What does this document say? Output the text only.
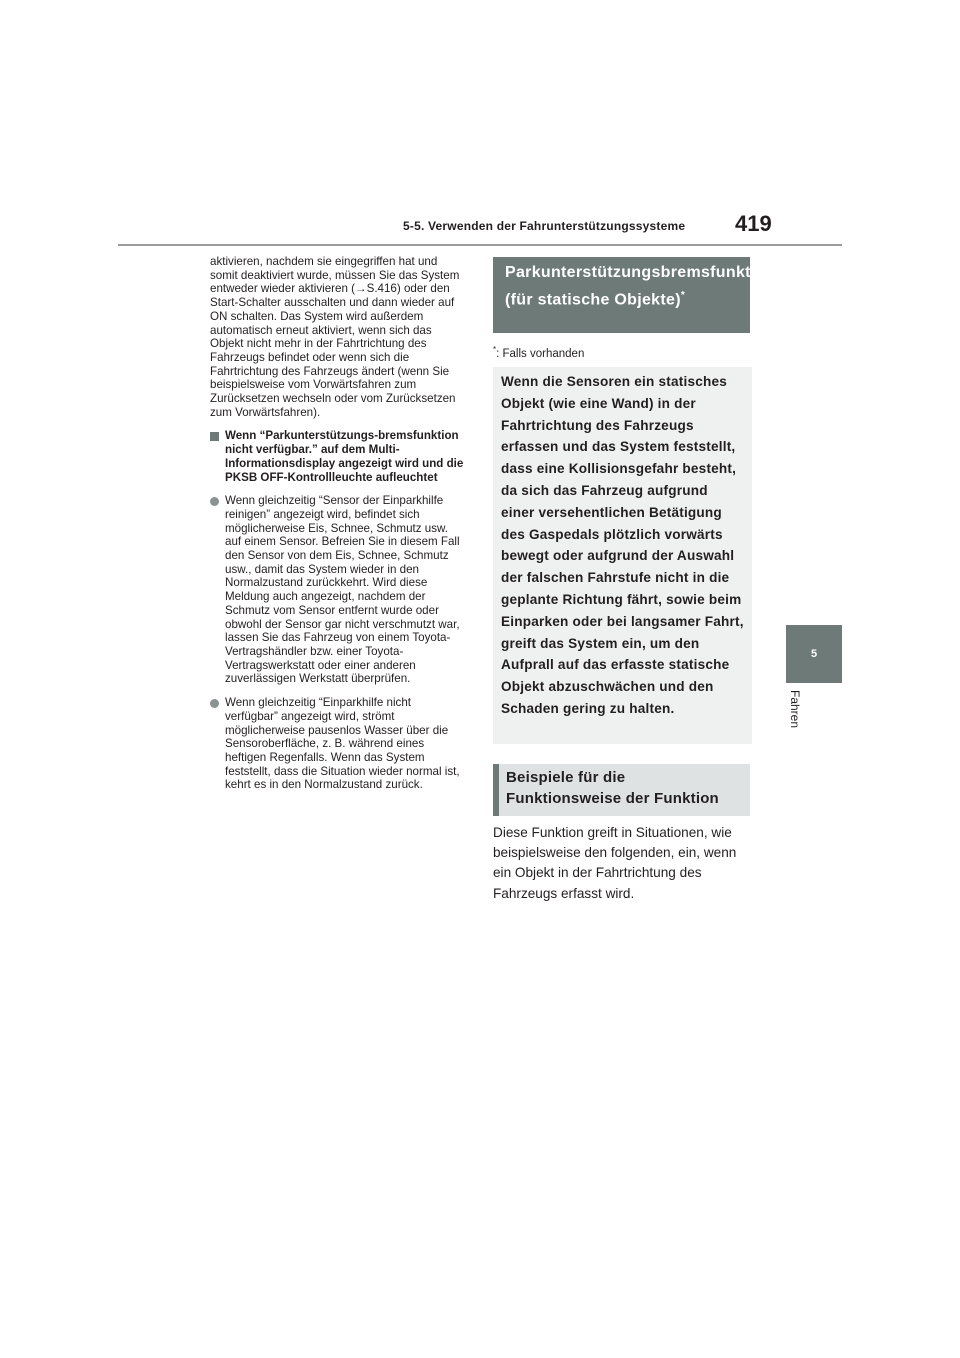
5-5. Verwenden der Fahrunterstützungssysteme 419
5
Fahren

aktivieren, nachdem sie eingegriffen hat und somit deaktiviert wurde, müssen Sie das System entweder wieder aktivieren (→S.416) oder den Start-Schalter ausschalten und dann wieder auf ON schalten. Das System wird außerdem automatisch erneut aktiviert, wenn sich das Objekt nicht mehr in der Fahrtrichtung des Fahrzeugs befindet oder wenn sich die Fahrtrichtung des Fahrzeugs ändert (wenn Sie beispielsweise vom Vorwärtsfahren zum Zurücksetzen wechseln oder vom Zurücksetzen zum Vorwärtsfahren).

Wenn “Parkunterstützungs-bremsfunktion nicht verfügbar.” auf dem Multi-Informationsdisplay angezeigt wird und die PKSB OFF-Kontrollleuchte aufleuchtet

Wenn gleichzeitig “Sensor der Einparkhilfe reinigen” angezeigt wird, befindet sich möglicherweise Eis, Schnee, Schmutz usw. auf einem Sensor. Befreien Sie in diesem Fall den Sensor von dem Eis, Schnee, Schmutz usw., damit das System wieder in den Normalzustand zurückkehrt. Wird diese Meldung auch angezeigt, nachdem der Schmutz vom Sensor entfernt wurde oder obwohl der Sensor gar nicht verschmutzt war, lassen Sie das Fahrzeug von einem Toyota-Vertragshändler bzw. einer Toyota-Vertragswerkstatt oder einer anderen zuverlässigen Werkstatt überprüfen.

Wenn gleichzeitig “Einparkhilfe nicht verfügbar” angezeigt wird, strömt möglicherweise pausenlos Wasser über die Sensoroberfläche, z. B. während eines heftigen Regenfalls. Wenn das System feststellt, dass die Situation wieder normal ist, kehrt es in den Normalzustand zurück.

Parkunterstützungsbremsfunktion (für statische Objekte)*
*: Falls vorhanden
Wenn die Sensoren ein statisches Objekt (wie eine Wand) in der Fahrtrichtung des Fahrzeugs erfassen und das System feststellt, dass eine Kollisionsgefahr besteht, da sich das Fahrzeug aufgrund einer versehentlichen Betätigung des Gaspedals plötzlich vorwärts bewegt oder aufgrund der Auswahl der falschen Fahrstufe nicht in die geplante Richtung fährt, sowie beim Einparken oder bei langsamer Fahrt, greift das System ein, um den Aufprall auf das erfasste statische Objekt abzuschwächen und den Schaden gering zu halten.
Beispiele für die Funktionsweise der Funktion
Diese Funktion greift in Situationen, wie beispielsweise den folgenden, ein, wenn ein Objekt in der Fahrtrichtung des Fahrzeugs erfasst wird.
